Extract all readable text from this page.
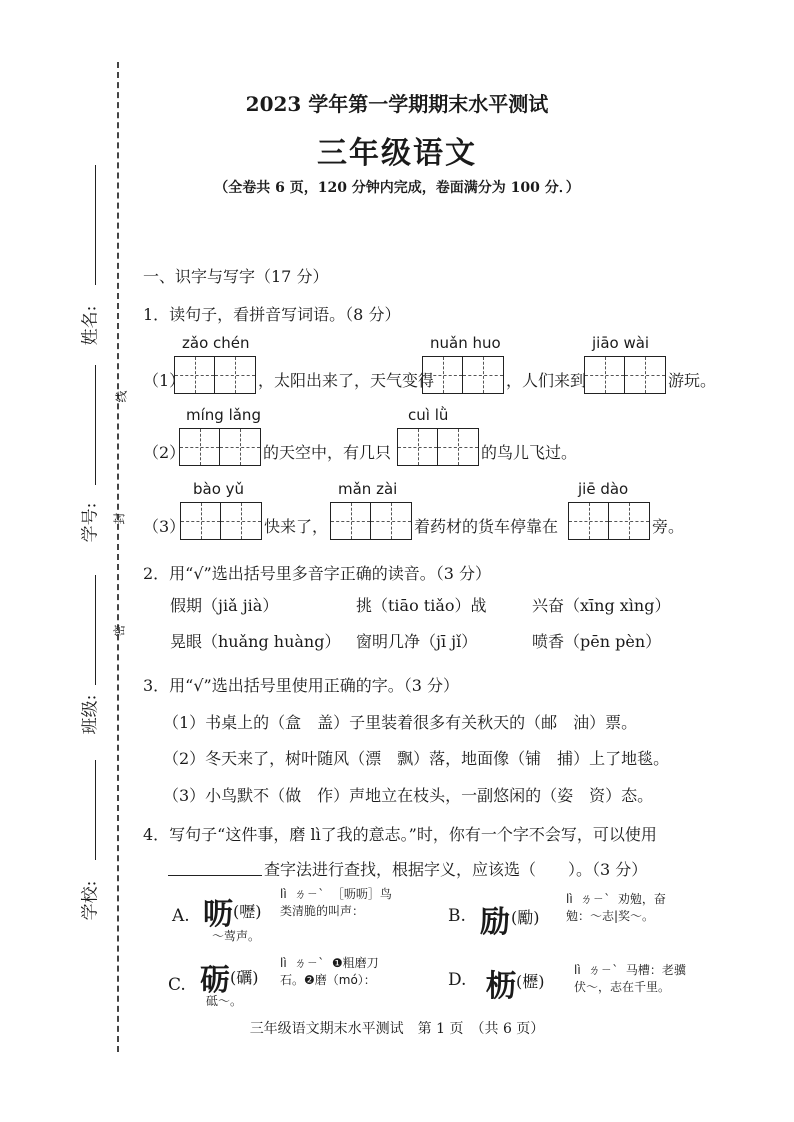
姓名:
学号:
班级:
学校:
线
封
密
2023 学年第一学期期末水平测试
三年级语文
（全卷共 6 页，120 分钟内完成，卷面满分为 100 分．）
一、识字与写字（17 分）
1．读句子，看拼音写词语。（8 分）
zǎo chén
（1）	，太阳出来了，天气变得
nuǎn huo
，人们来到
jiāo wài
游玩。
míng lǎng
（2）	的天空中，有几只
cuì lǜ
的鸟儿飞过。
bào yǔ
（3）	快来了，
mǎn zài
着药材的货车停靠在
jiē dào
旁。
2．用“√”选出括号里多音字正确的读音。（3 分）
假期（jiǎ jià）	挑（tiāo tiǎo）战	兴奋（xīng xìng）
晃眼（huǎng huàng） 窗明几净（jī jǐ）	喷香（pēn pèn）
3．用“√”选出括号里使用正确的字。（3 分）
（1）书桌上的（盒　盖）子里装着很多有关秋天的（邮　油）票。
（2）冬天来了，树叶随风（漂　飘）落，地面像（铺　捕）上了地毯。
（3）小鸟默不（做　作）声地立在枝头，一副悠闲的（姿　资）态。
4．写句子“这件事，磨 lì了我的意志。”时，你有一个字不会写，可以使用
查字法进行查找，根据字义，应该选（　　）。（3 分）
A. 呖 (嚦)
lì  ㄌㄧˋ  ［呖呖］鸟
类清脆的叫声：
～莺声。
B. 励 (勵)
lì  ㄌㄧˋ  劝勉，奋
勉：～志|奖～。
C. 砺 (礪)
lì  ㄌㄧˋ  ❶粗磨刀
石。❷磨（mó）：
砥～。
D. 枥 (櫪)
lì  ㄌㄧˋ  马槽：老骥
伏～，志在千里。
三年级语文期末水平测试　第 1 页　（共 6 页）
